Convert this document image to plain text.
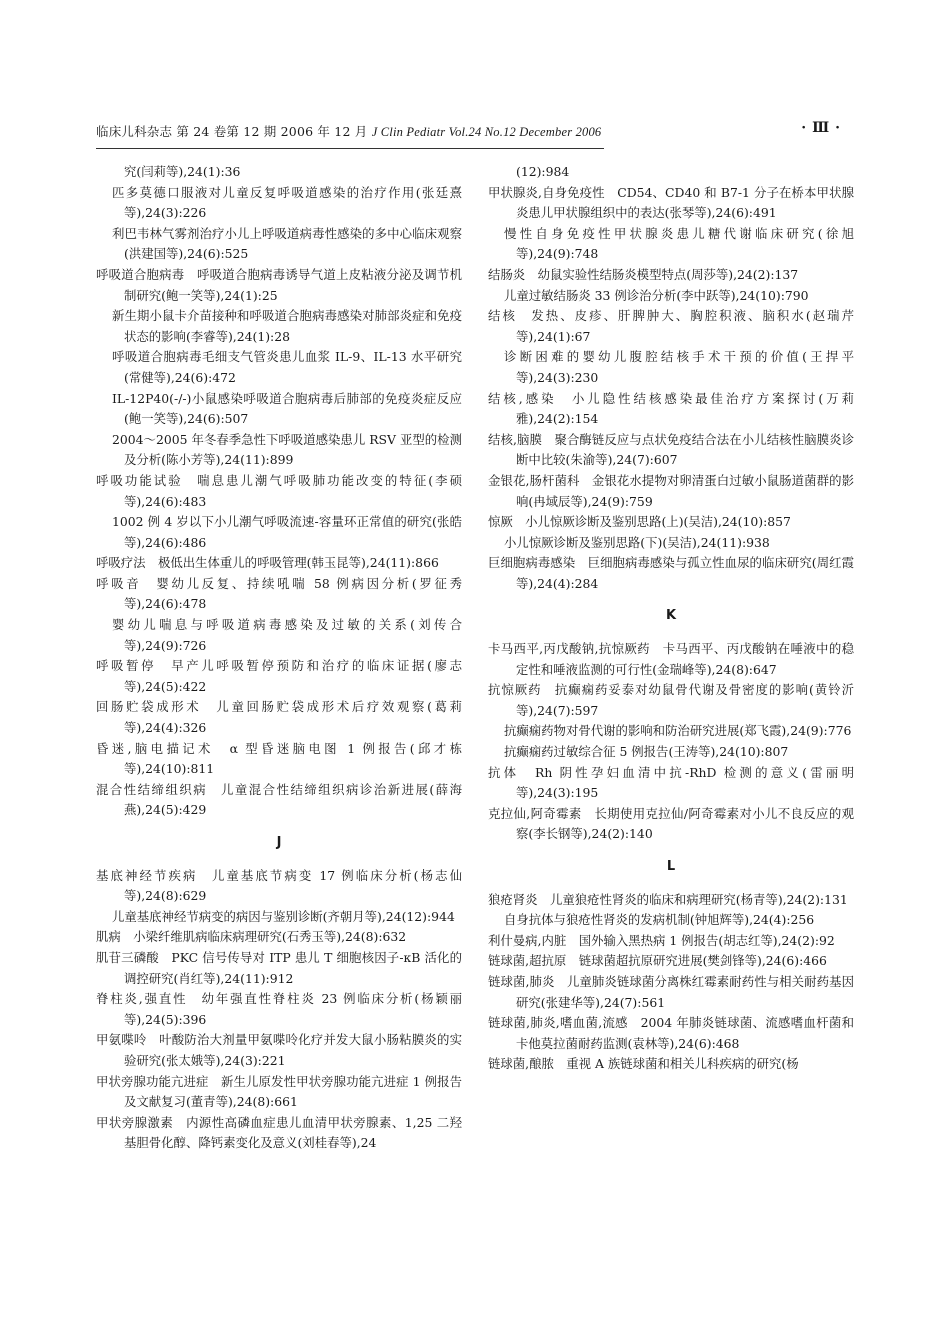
临床儿科杂志 第 24 卷第 12 期 2006 年 12 月 J Clin Pediatr Vol.24 No.12 December 2006	·Ⅲ·

究(闫莉等),24(1):36

匹多莫德口服液对儿童反复呼吸道感染的治疗作用(张廷熹等),24(3):226

利巴韦林气雾剂治疗小儿上呼吸道病毒性感染的多中心临床观察(洪建国等),24(6):525

呼吸道合胞病毒　呼吸道合胞病毒诱导气道上皮粘液分泌及调节机制研究(鲍一笑等),24(1):25

新生期小鼠卡介苗接种和呼吸道合胞病毒感染对肺部炎症和免疫状态的影响(李睿等),24(1):28

呼吸道合胞病毒毛细支气管炎患儿血浆 IL-9、IL-13 水平研究(常健等),24(6):472

IL-12P40(-/-)小鼠感染呼吸道合胞病毒后肺部的免疫炎症反应(鲍一笑等),24(6):507

2004～2005 年冬春季急性下呼吸道感染患儿 RSV 亚型的检测及分析(陈小芳等),24(11):899

呼吸功能试验　喘息患儿潮气呼吸肺功能改变的特征(李硕等),24(6):483

1002 例 4 岁以下小儿潮气呼吸流速-容量环正常值的研究(张皓等),24(6):486

呼吸疗法　极低出生体重儿的呼吸管理(韩玉昆等),24(11):866

呼吸音　婴幼儿反复、持续吼喘 58 例病因分析(罗征秀等),24(6):478

婴幼儿喘息与呼吸道病毒感染及过敏的关系(刘传合等),24(9):726

呼吸暂停　早产儿呼吸暂停预防和治疗的临床证据(廖志等),24(5):422

回肠贮袋成形术　儿童回肠贮袋成形术后疗效观察(葛莉等),24(4):326

昏迷,脑电描记术　α 型昏迷脑电图 1 例报告(邱才栋等),24(10):811

混合性结缔组织病　儿童混合性结缔组织病诊治新进展(薛海燕),24(5):429

J

基底神经节疾病　儿童基底节病变 17 例临床分析(杨志仙等),24(8):629

儿童基底神经节病变的病因与鉴别诊断(齐朝月等),24(12):944

肌病　小梁纤维肌病临床病理研究(石秀玉等),24(8):632

肌苷三磷酸　PKC 信号传导对 ITP 患儿 T 细胞核因子-κB 活化的调控研究(肖红等),24(11):912

脊柱炎,强直性　幼年强直性脊柱炎 23 例临床分析(杨颖丽等),24(5):396

甲氨喋呤　叶酸防治大剂量甲氨喋呤化疗并发大鼠小肠粘膜炎的实验研究(张太娥等),24(3):221

甲状旁腺功能亢进症　新生儿原发性甲状旁腺功能亢进症 1 例报告及文献复习(董青等),24(8):661

甲状旁腺激素　内源性高磷血症患儿血清甲状旁腺素、1,25 二羟基胆骨化醇、降钙素变化及意义(刘桂春等),24

(12):984

甲状腺炎,自身免疫性　CD54、CD40 和 B7-1 分子在桥本甲状腺炎患儿甲状腺组织中的表达(张琴等),24(6):491

慢性自身免疫性甲状腺炎患儿糖代谢临床研究(徐旭等),24(9):748

结肠炎　幼鼠实验性结肠炎模型特点(周莎等),24(2):137

儿童过敏结肠炎 33 例诊治分析(李中跃等),24(10):790

结核　发热、皮疹、肝脾肿大、胸腔积液、脑积水(赵瑞芹等),24(1):67

诊断困难的婴幼儿腹腔结核手术干预的价值(王捍平等),24(3):230

结核,感染　小儿隐性结核感染最佳治疗方案探讨(万莉雅),24(2):154

结核,脑膜　聚合酶链反应与点状免疫结合法在小儿结核性脑膜炎诊断中比较(朱渝等),24(7):607

金银花,肠杆菌科　金银花水提物对卵清蛋白过敏小鼠肠道菌群的影响(冉域辰等),24(9):759

惊厥　小儿惊厥诊断及鉴别思路(上)(吴洁),24(10):857

小儿惊厥诊断及鉴别思路(下)(吴洁),24(11):938

巨细胞病毒感染　巨细胞病毒感染与孤立性血尿的临床研究(周红霞等),24(4):284

K

卡马西平,丙戊酸钠,抗惊厥药　卡马西平、丙戊酸钠在唾液中的稳定性和唾液监测的可行性(金瑞峰等),24(8):647

抗惊厥药　抗癫痫药妥泰对幼鼠骨代谢及骨密度的影响(黄铃沂等),24(7):597

抗癫痫药物对骨代谢的影响和防治研究进展(郑飞霞),24(9):776

抗癫痫药过敏综合征 5 例报告(王涛等),24(10):807

抗体　Rh 阴性孕妇血清中抗-RhD 检测的意义(雷丽明等),24(3):195

克拉仙,阿奇霉素　长期使用克拉仙/阿奇霉素对小儿不良反应的观察(李长钢等),24(2):140

L

狼疮肾炎　儿童狼疮性肾炎的临床和病理研究(杨青等),24(2):131

自身抗体与狼疮性肾炎的发病机制(钟旭辉等),24(4):256

利什曼病,内脏　国外输入黑热病 1 例报告(胡志红等),24(2):92

链球菌,超抗原　链球菌超抗原研究进展(樊剑锋等),24(6):466

链球菌,肺炎　儿童肺炎链球菌分离株红霉素耐药性与相关耐药基因研究(张建华等),24(7):561

链球菌,肺炎,嗜血菌,流感　2004 年肺炎链球菌、流感嗜血杆菌和卡他莫拉菌耐药监测(袁林等),24(6):468

链球菌,酿脓　重视 A 族链球菌和相关儿科疾病的研究(杨
